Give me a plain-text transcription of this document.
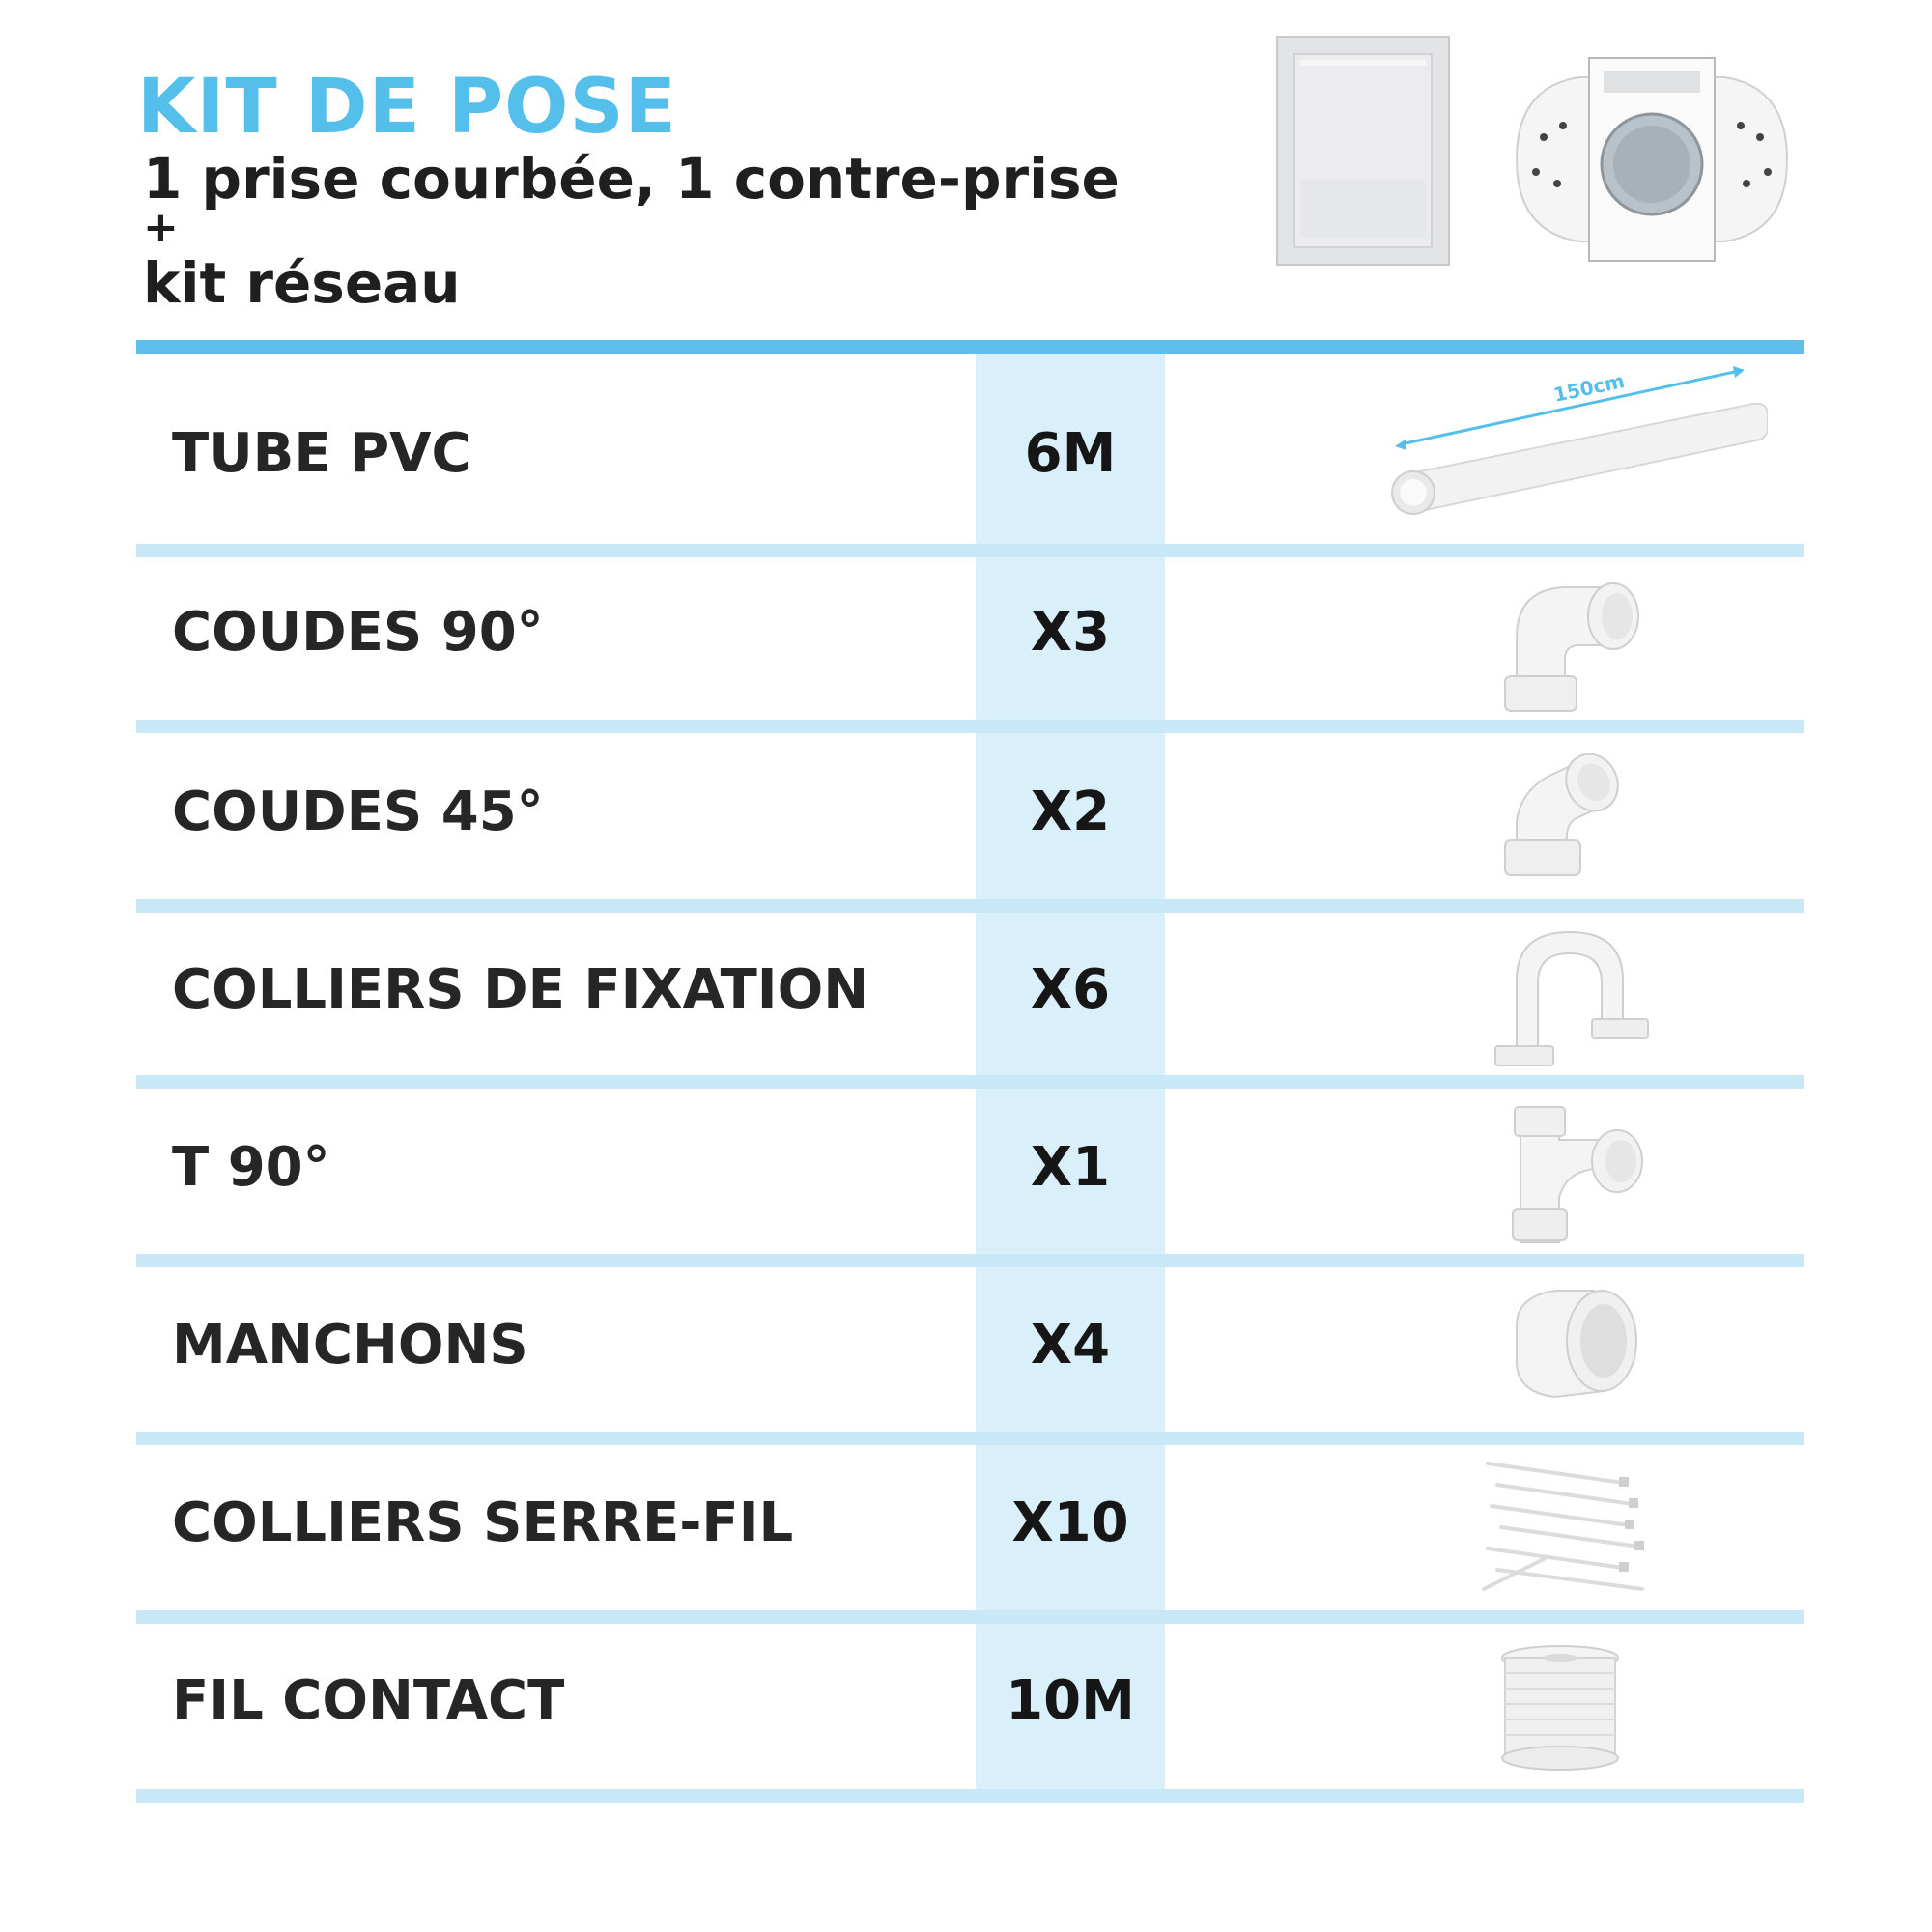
KIT DE POSE
1 prise courbée, 1 contre-prise
+
kit réseau
TUBE PVC	6M
150cm
COUDES 90°	X3
COUDES 45°	X2
COLLIERS DE FIXATION	X6
T 90°	X1
MANCHONS	X4
COLLIERS SERRE-FIL	X10
FIL CONTACT	10M
